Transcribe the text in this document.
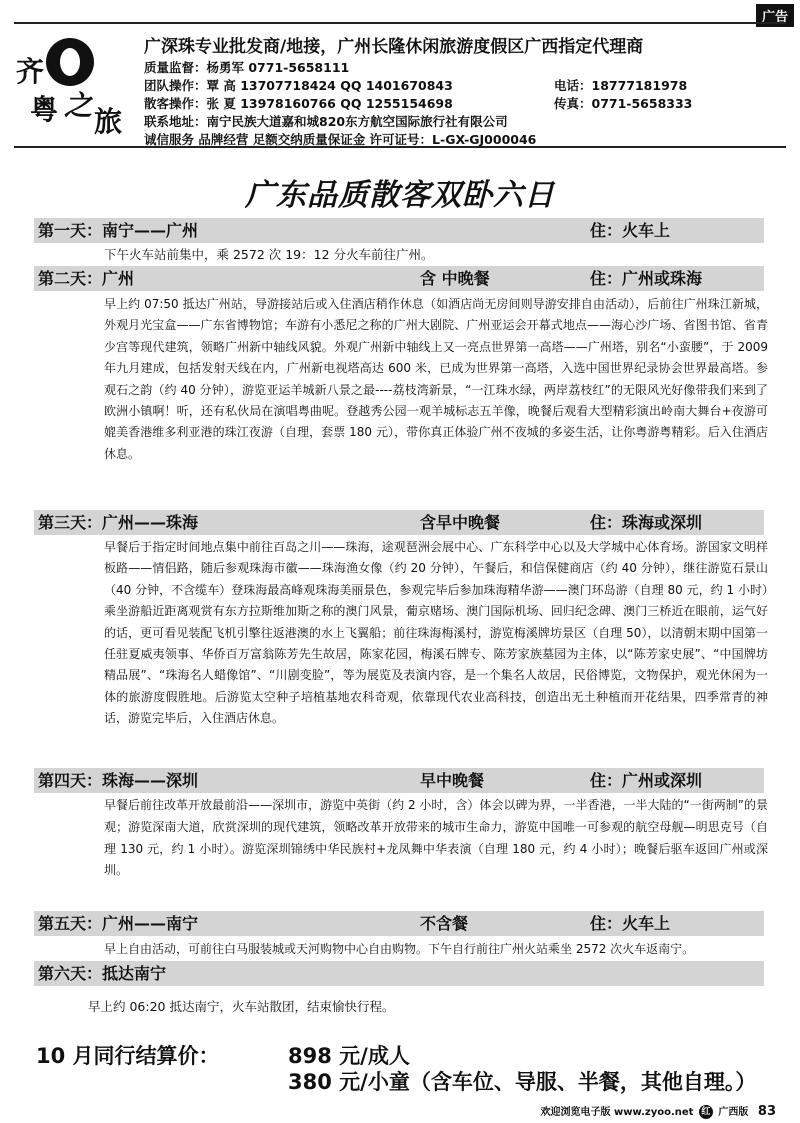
广告
齐
粤 之 旅
广深珠专业批发商/地接，广州长隆休闲旅游度假区广西指定代理商
质量监督：杨勇军 0771-5658111
团队操作：覃 高 13707718424 QQ 1401670843	电话：18777181978
散客操作：张 夏 13978160766 QQ 1255154698	传真：0771-5658333
联系地址：南宁民族大道嘉和城820东方航空国际旅行社有限公司
诚信服务 品牌经营 足额交纳质量保证金 许可证号：L-GX-GJ000046
广东品质散客双卧六日
第一天：南宁——广州	住：火车上
下午火车站前集中，乘 2572 次 19：12 分火车前往广州。
第二天：广州	含 中晚餐	住：广州或珠海
早上约 07:50 抵达广州站，导游接站后或入住酒店稍作休息（如酒店尚无房间则导游安排自由活动），后前往广州珠江新城，外观月光宝盒——广东省博物馆；车游有小悉尼之称的广州大剧院、广州亚运会开幕式地点——海心沙广场、省图书馆、省青少宫等现代建筑，领略广州新中轴线风貌。外观广州新中轴线上又一亮点世界第一高塔——广州塔，别名“小蛮腰”，于 2009 年九月建成，包括发射天线在内，广州新电视塔高达 600 米，已成为世界第一高塔，入选中国世界纪录协会世界最高塔。参观石之韵（约 40 分钟），游览亚运羊城新八景之最----荔枝湾新景，“一江珠水绿，两岸荔枝红”的无限风光好像带我们来到了欧洲小镇啊！听，还有私伙局在演唱粤曲呢。登越秀公园一观羊城标志五羊像，晚餐后观看大型精彩演出岭南大舞台+夜游可媲美香港维多利亚港的珠江夜游（自理，套票 180 元），带你真正体验广州不夜城的多姿生活，让你粤游粤精彩。后入住酒店休息。
第三天：广州——珠海	含早中晚餐	住：珠海或深圳
早餐后于指定时间地点集中前往百岛之川——珠海，途观琶洲会展中心、广东科学中心以及大学城中心体育场。游国家文明样板路——情侣路，随后参观珠海市徽——珠海渔女像（约 20 分钟），午餐后，和信保健商店（约 40 分钟），继往游览石景山（40 分钟，不含缆车）登珠海最高峰观珠海美丽景色，参观完毕后参加珠海精华游——澳门环岛游（自理 80 元，约 1 小时）乘坐游船近距离观赏有东方拉斯维加斯之称的澳门风景，葡京赌场、澳门国际机场、回归纪念碑、澳门三桥近在眼前，运气好的话，更可看见装配飞机引擎往返港澳的水上飞翼船；前往珠海梅溪村，游览梅溪牌坊景区（自理 50），以清朝末期中国第一任驻夏威夷领事、华侨百万富翁陈芳先生故居，陈家花园，梅溪石牌专、陈芳家族墓园为主体，以“陈芳家史展”、“中国牌坊精品展”、“珠海名人蜡像馆”、“川剧变脸”，等为展览及表演内容，是一个集名人故居，民俗博览，文物保护，观光休闲为一体的旅游度假胜地。后游览太空种子培植基地农科奇观，依靠现代农业高科技，创造出无土种植而开花结果，四季常青的神话，游览完毕后，入住酒店休息。
第四天：珠海——深圳	早中晚餐	住：广州或深圳
早餐后前往改革开放最前沿——深圳市，游览中英街（约 2 小时，含）体会以碑为界，一半香港，一半大陆的“一街两制”的景观；游览深南大道，欣赏深圳的现代建筑，领略改革开放带来的城市生命力，游览中国唯一可参观的航空母舰—明思克号（自理 130 元，约 1 小时）。游览深圳锦绣中华民族村+龙凤舞中华表演（自理 180 元，约 4 小时）；晚餐后驱车返回广州或深圳。
第五天：广州——南宁	不含餐	住：火车上
早上自由活动，可前往白马服装城或天河购物中心自由购物。下午自行前往广州火站乘坐 2572 次火车返南宁。
第六天：抵达南宁
早上约 06:20 抵达南宁，火车站散团，结束愉快行程。
10 月同行结算价：	898 元/成人
380 元/小童（含车位、导服、半餐，其他自理。）
欢迎浏览电子版 www.zyoo.net 红 广西版 83
